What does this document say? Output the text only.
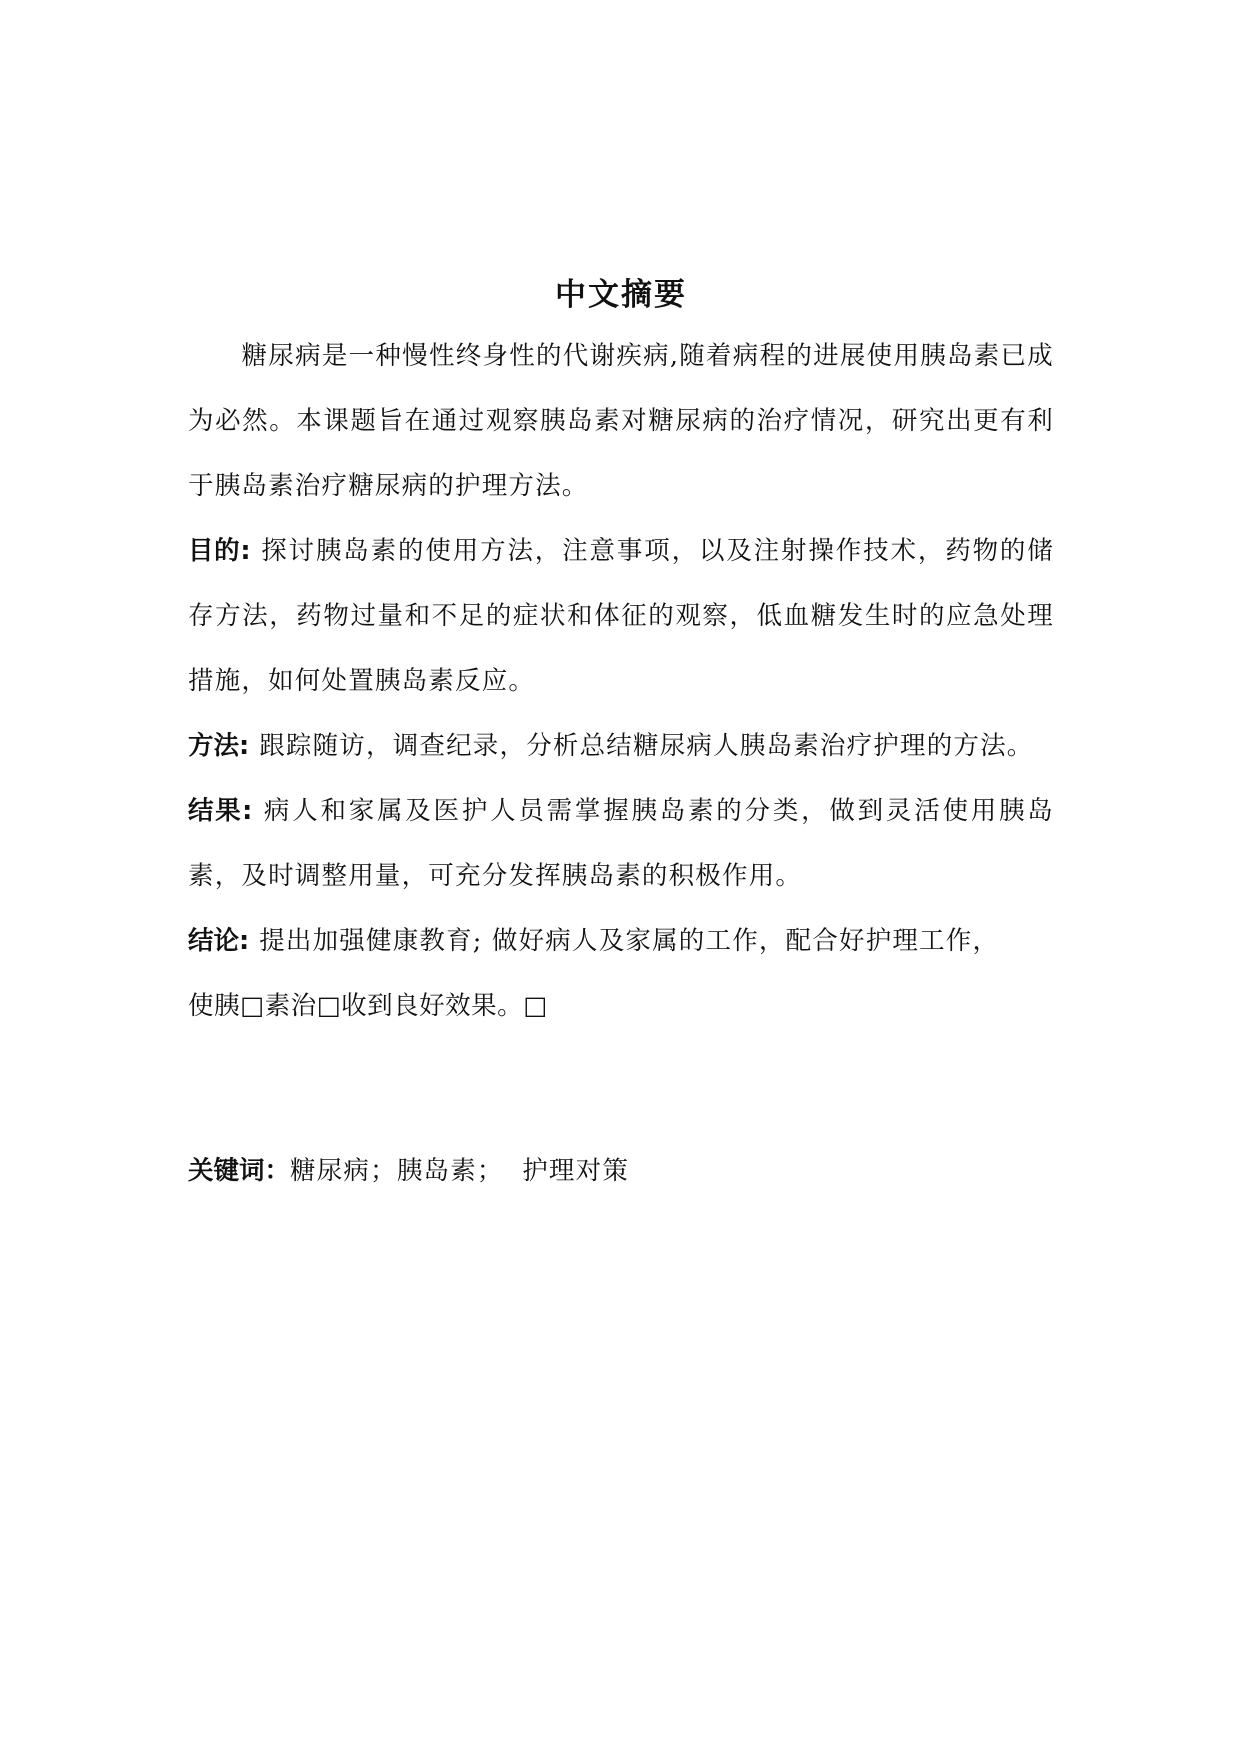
中文摘要

糖尿病是一种慢性终身性的代谢疾病,随着病程的进展使用胰岛素已成为必然。本课题旨在通过观察胰岛素对糖尿病的治疗情况，研究出更有利于胰岛素治疗糖尿病的护理方法。

目的: 探讨胰岛素的使用方法，注意事项，以及注射操作技术，药物的储存方法，药物过量和不足的症状和体征的观察，低血糖发生时的应急处理措施，如何处置胰岛素反应。

方法: 跟踪随访，调查纪录，分析总结糖尿病人胰岛素治疗护理的方法。

结果: 病人和家属及医护人员需掌握胰岛素的分类，做到灵活使用胰岛素，及时调整用量，可充分发挥胰岛素的积极作用。

结论: 提出加强健康教育; 做好病人及家属的工作，配合好护理工作，
使胰□素治□收到良好效果。□

关键词：糖尿病；胰岛素；  护理对策
